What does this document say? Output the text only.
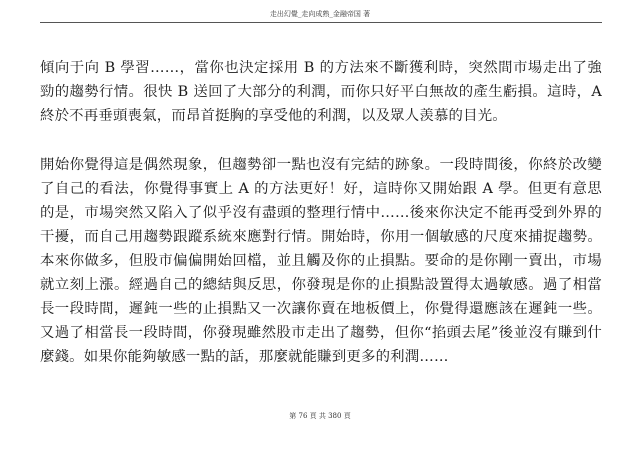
走出幻覺_走向成熟_金融帝国 著

傾向于向 B 學習……，當你也決定採用 B 的方法來不斷獲利時，突然間市場走出了強勁的趨勢行情。很快 B 送回了大部分的利潤，而你只好平白無故的產生虧損。這時，A 終於不再垂頭喪氣，而昂首挺胸的享受他的利潤，以及眾人羡慕的目光。

開始你覺得這是偶然現象，但趨勢卻一點也沒有完結的跡象。一段時間後，你終於改變了自己的看法，你覺得事實上 A 的方法更好！好，這時你又開始跟 A 學。但更有意思的是，市場突然又陷入了似乎沒有盡頭的整理行情中……後來你決定不能再受到外界的干擾，而自己用趨勢跟蹤系統來應對行情。開始時，你用一個敏感的尺度來捕捉趨勢。本來你做多，但股市偏偏開始回檔，並且觸及你的止損點。要命的是你剛一賣出，市場就立刻上漲。經過自己的總結與反思，你發現是你的止損點設置得太過敏感。過了相當長一段時間，遲鈍一些的止損點又一次讓你賣在地板價上，你覺得還應該在遲鈍一些。又過了相當長一段時間，你發現雖然股市走出了趨勢，但你“掐頭去尾”後並沒有賺到什麼錢。如果你能夠敏感一點的話，那麼就能賺到更多的利潤……

第 76 頁 共 380 頁
